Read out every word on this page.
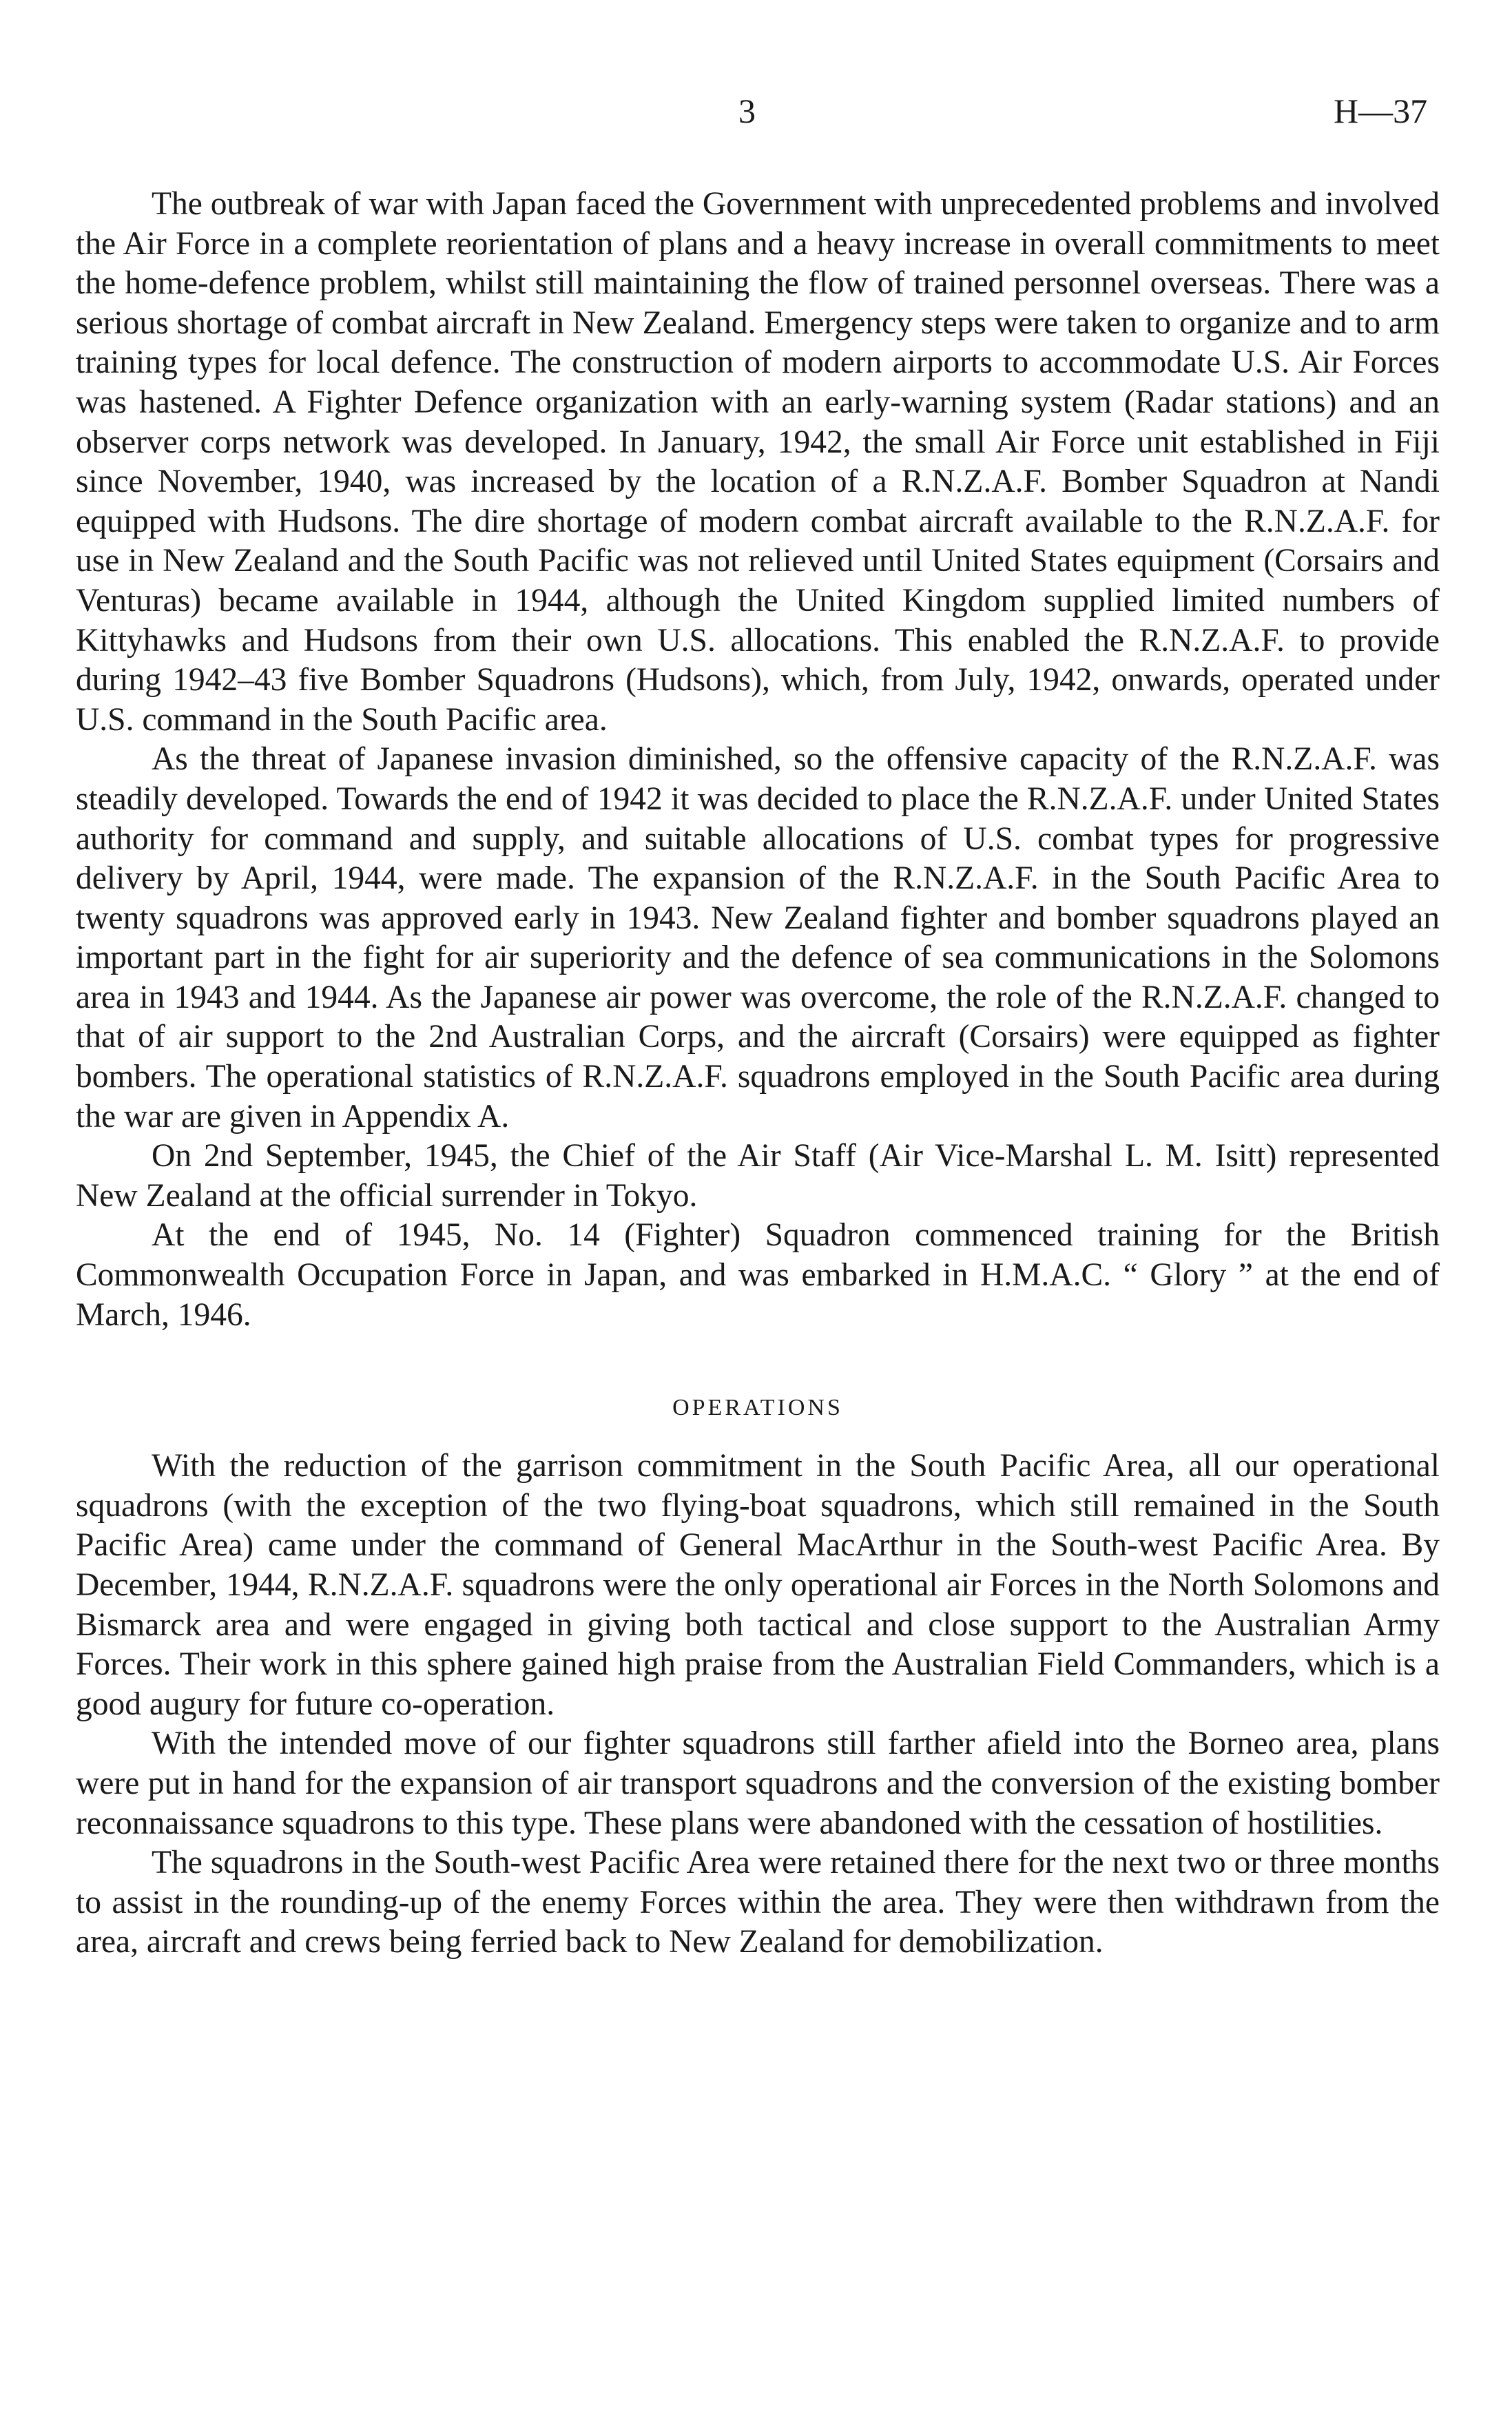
3	H—37

The outbreak of war with Japan faced the Government with unprecedented problems and involved the Air Force in a complete reorientation of plans and a heavy increase in overall commitments to meet the home-defence problem, whilst still maintaining the flow of trained personnel overseas. There was a serious shortage of combat aircraft in New Zealand. Emergency steps were taken to organize and to arm training types for local defence. The construction of modern airports to accommodate U.S. Air Forces was hastened. A Fighter Defence organization with an early-warning system (Radar stations) and an observer corps network was developed. In January, 1942, the small Air Force unit established in Fiji since November, 1940, was increased by the location of a R.N.Z.A.F. Bomber Squadron at Nandi equipped with Hudsons. The dire shortage of modern combat aircraft available to the R.N.Z.A.F. for use in New Zealand and the South Pacific was not relieved until United States equipment (Corsairs and Venturas) became available in 1944, although the United Kingdom supplied limited numbers of Kittyhawks and Hudsons from their own U.S. allocations. This enabled the R.N.Z.A.F. to provide during 1942–43 five Bomber Squadrons (Hudsons), which, from July, 1942, onwards, operated under U.S. command in the South Pacific area.

As the threat of Japanese invasion diminished, so the offensive capacity of the R.N.Z.A.F. was steadily developed. Towards the end of 1942 it was decided to place the R.N.Z.A.F. under United States authority for command and supply, and suitable allocations of U.S. combat types for progressive delivery by April, 1944, were made. The expansion of the R.N.Z.A.F. in the South Pacific Area to twenty squadrons was approved early in 1943. New Zealand fighter and bomber squadrons played an important part in the fight for air superiority and the defence of sea communications in the Solomons area in 1943 and 1944. As the Japanese air power was overcome, the role of the R.N.Z.A.F. changed to that of air support to the 2nd Australian Corps, and the aircraft (Corsairs) were equipped as fighter bombers. The operational statistics of R.N.Z.A.F. squadrons employed in the South Pacific area during the war are given in Appendix A.

On 2nd September, 1945, the Chief of the Air Staff (Air Vice-Marshal L. M. Isitt) represented New Zealand at the official surrender in Tokyo.

At the end of 1945, No. 14 (Fighter) Squadron commenced training for the British Commonwealth Occupation Force in Japan, and was embarked in H.M.A.C. “ Glory ” at the end of March, 1946.

OPERATIONS

With the reduction of the garrison commitment in the South Pacific Area, all our operational squadrons (with the exception of the two flying-boat squadrons, which still remained in the South Pacific Area) came under the command of General MacArthur in the South-west Pacific Area. By December, 1944, R.N.Z.A.F. squadrons were the only operational air Forces in the North Solomons and Bismarck area and were engaged in giving both tactical and close support to the Australian Army Forces. Their work in this sphere gained high praise from the Australian Field Commanders, which is a good augury for future co-operation.

With the intended move of our fighter squadrons still farther afield into the Borneo area, plans were put in hand for the expansion of air transport squadrons and the conversion of the existing bomber reconnaissance squadrons to this type. These plans were abandoned with the cessation of hostilities.

The squadrons in the South-west Pacific Area were retained there for the next two or three months to assist in the rounding-up of the enemy Forces within the area. They were then withdrawn from the area, aircraft and crews being ferried back to New Zealand for demobilization.
